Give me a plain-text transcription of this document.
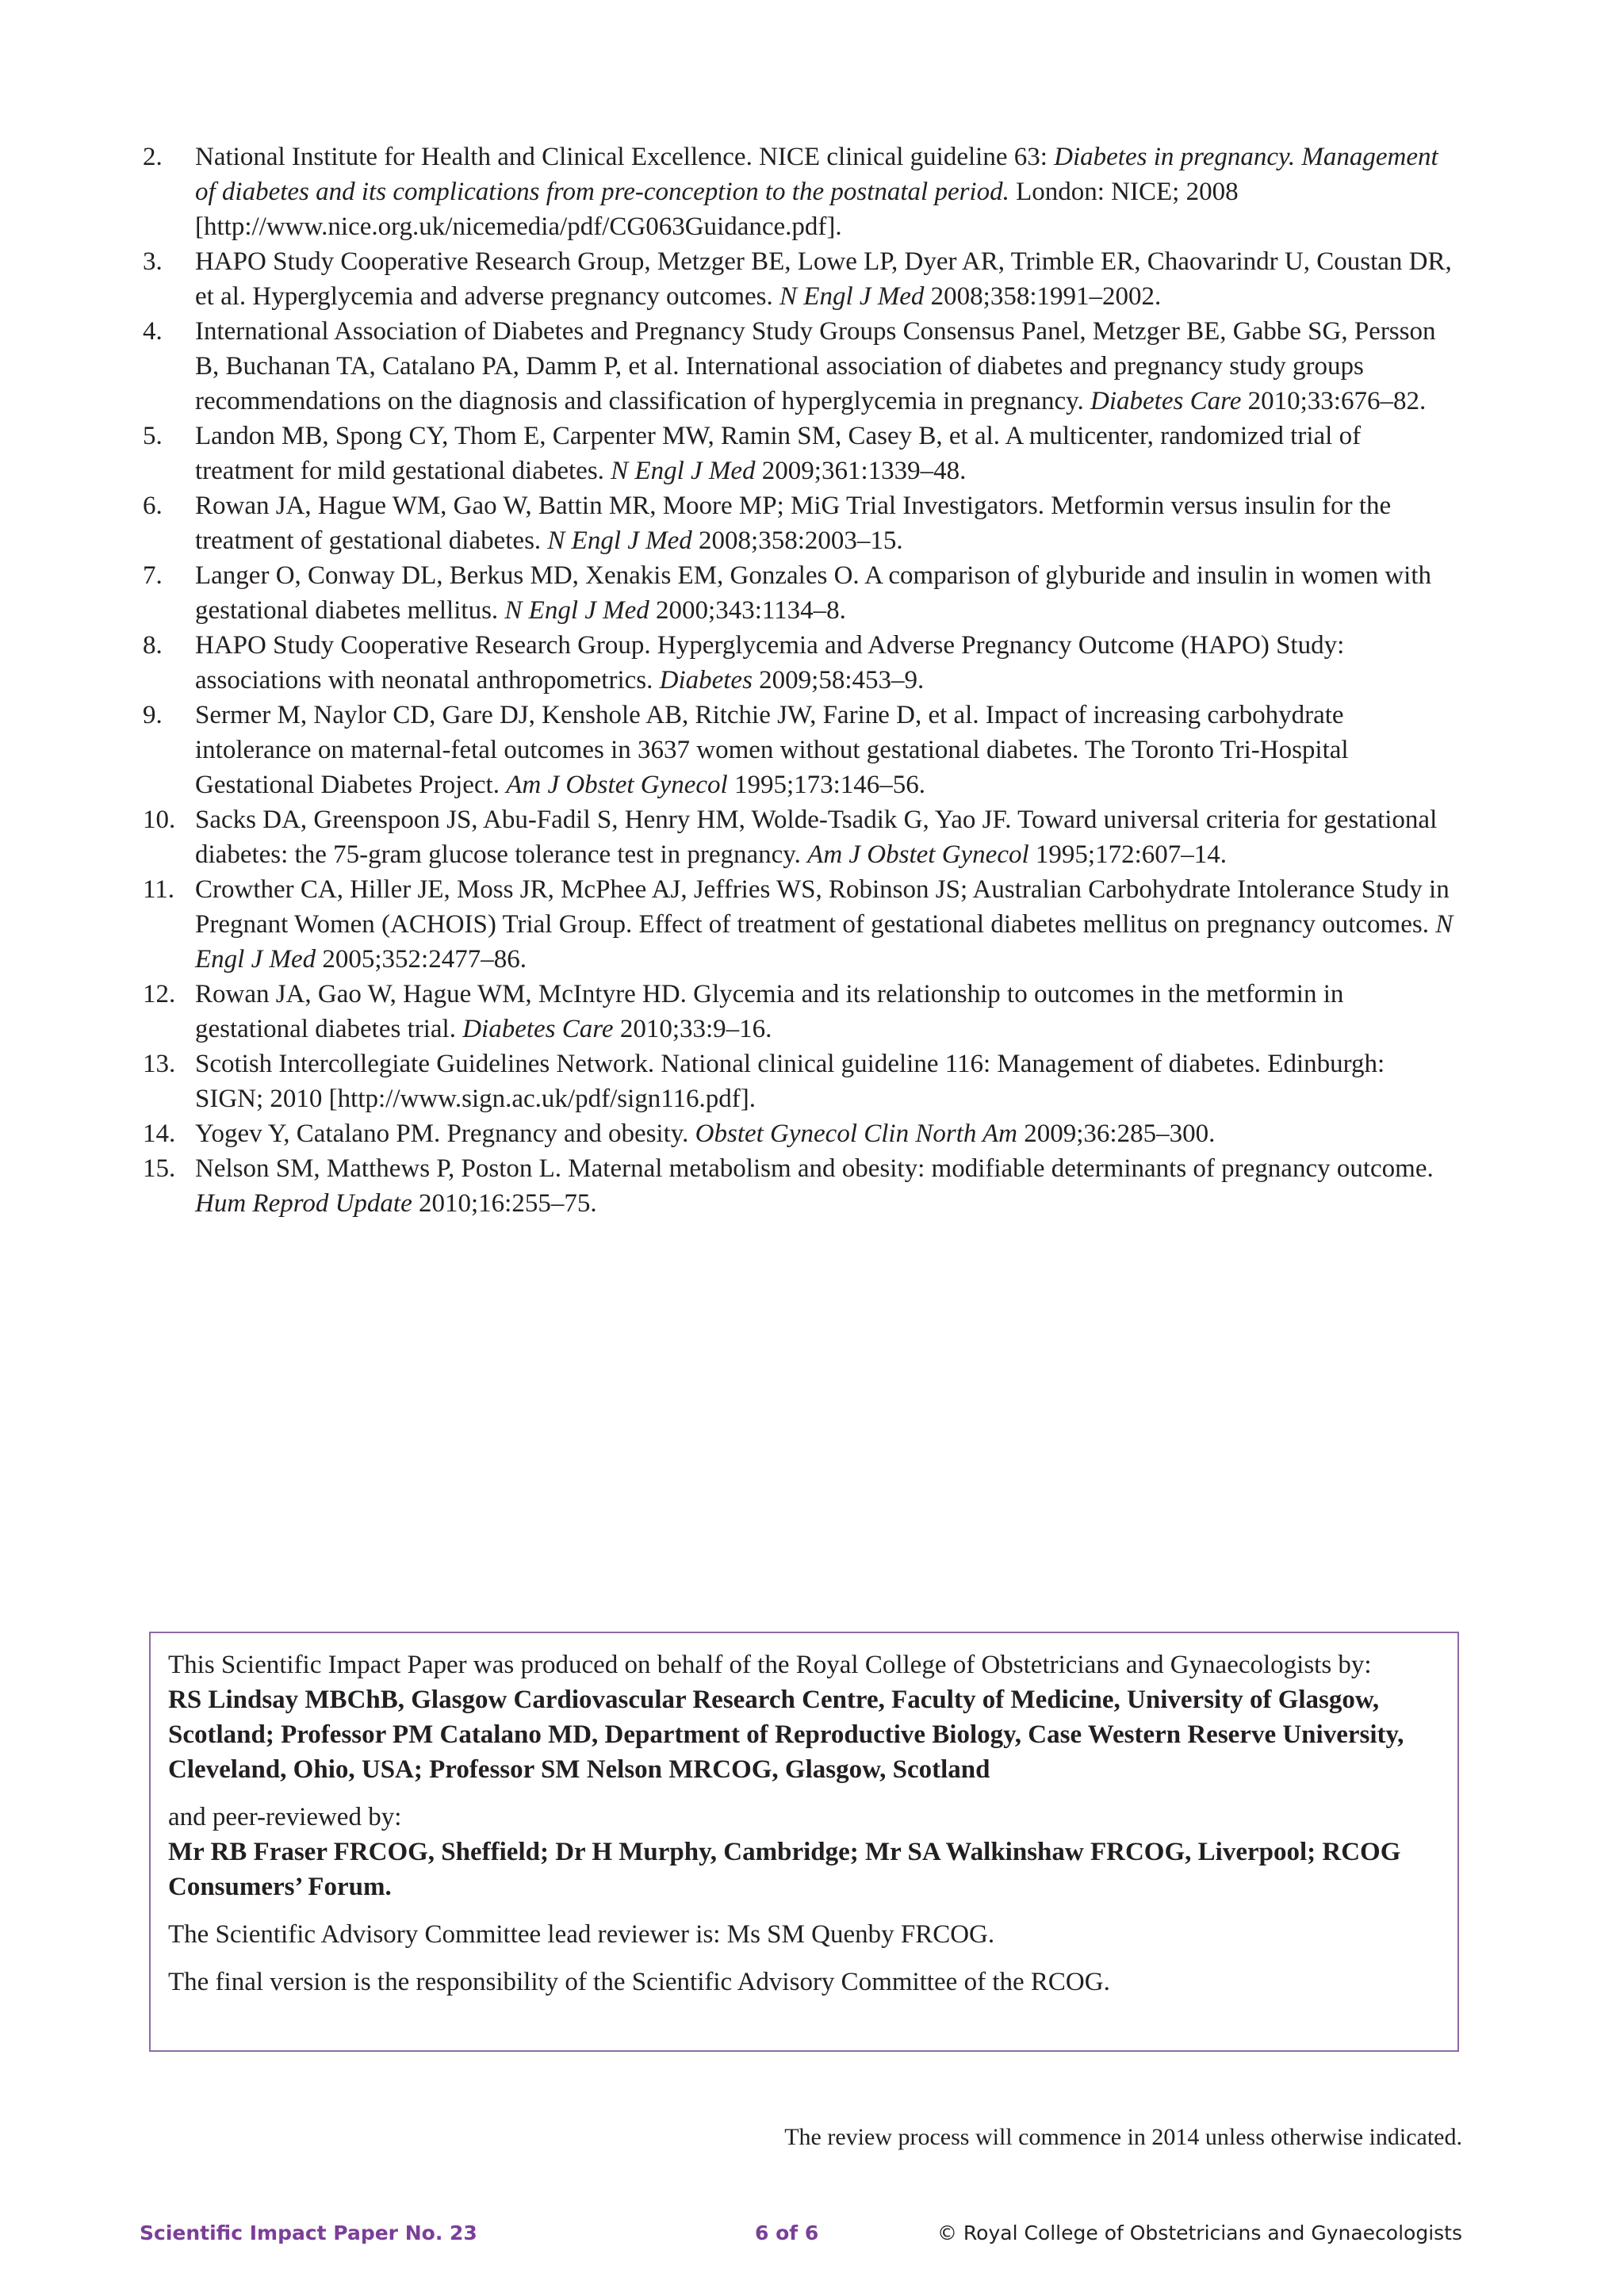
2.	National Institute for Health and Clinical Excellence. NICE clinical guideline 63: Diabetes in pregnancy. Management of diabetes and its complications from pre-conception to the postnatal period. London: NICE; 2008 [http://www.nice.org.uk/nicemedia/pdf/CG063Guidance.pdf].
3.	HAPO Study Cooperative Research Group, Metzger BE, Lowe LP, Dyer AR, Trimble ER, Chaovarindr U, Coustan DR, et al. Hyperglycemia and adverse pregnancy outcomes. N Engl J Med 2008;358:1991–2002.
4.	International Association of Diabetes and Pregnancy Study Groups Consensus Panel, Metzger BE, Gabbe SG, Persson B, Buchanan TA, Catalano PA, Damm P, et al. International association of diabetes and pregnancy study groups recommendations on the diagnosis and classification of hyperglycemia in pregnancy. Diabetes Care 2010;33:676–82.
5.	Landon MB, Spong CY, Thom E, Carpenter MW, Ramin SM, Casey B, et al. A multicenter, randomized trial of treatment for mild gestational diabetes. N Engl J Med 2009;361:1339–48.
6.	Rowan JA, Hague WM, Gao W, Battin MR, Moore MP; MiG Trial Investigators. Metformin versus insulin for the treatment of gestational diabetes. N Engl J Med 2008;358:2003–15.
7.	Langer O, Conway DL, Berkus MD, Xenakis EM, Gonzales O. A comparison of glyburide and insulin in women with gestational diabetes mellitus. N Engl J Med 2000;343:1134–8.
8.	HAPO Study Cooperative Research Group. Hyperglycemia and Adverse Pregnancy Outcome (HAPO) Study: associations with neonatal anthropometrics. Diabetes 2009;58:453–9.
9.	Sermer M, Naylor CD, Gare DJ, Kenshole AB, Ritchie JW, Farine D, et al. Impact of increasing carbohydrate intolerance on maternal-fetal outcomes in 3637 women without gestational diabetes. The Toronto Tri-Hospital Gestational Diabetes Project. Am J Obstet Gynecol 1995;173:146–56.
10. Sacks DA, Greenspoon JS, Abu-Fadil S, Henry HM, Wolde-Tsadik G, Yao JF. Toward universal criteria for gestational diabetes: the 75-gram glucose tolerance test in pregnancy. Am J Obstet Gynecol 1995;172:607–14.
11. Crowther CA, Hiller JE, Moss JR, McPhee AJ, Jeffries WS, Robinson JS; Australian Carbohydrate Intolerance Study in Pregnant Women (ACHOIS) Trial Group. Effect of treatment of gestational diabetes mellitus on pregnancy outcomes. N Engl J Med 2005;352:2477–86.
12. Rowan JA, Gao W, Hague WM, McIntyre HD. Glycemia and its relationship to outcomes in the metformin in gestational diabetes trial. Diabetes Care 2010;33:9–16.
13. Scotish Intercollegiate Guidelines Network. National clinical guideline 116: Management of diabetes. Edinburgh: SIGN; 2010 [http://www.sign.ac.uk/pdf/sign116.pdf].
14. Yogev Y, Catalano PM. Pregnancy and obesity. Obstet Gynecol Clin North Am 2009;36:285–300.
15. Nelson SM, Matthews P, Poston L. Maternal metabolism and obesity: modifiable determinants of pregnancy outcome. Hum Reprod Update 2010;16:255–75.

This Scientific Impact Paper was produced on behalf of the Royal College of Obstetricians and Gynaecologists by:

RS Lindsay MBChB, Glasgow Cardiovascular Research Centre, Faculty of Medicine, University of Glasgow, Scotland; Professor PM Catalano MD, Department of Reproductive Biology, Case Western Reserve University, Cleveland, Ohio, USA; Professor SM Nelson MRCOG, Glasgow, Scotland

and peer-reviewed by:

Mr RB Fraser FRCOG, Sheffield; Dr H Murphy, Cambridge; Mr SA Walkinshaw FRCOG, Liverpool; RCOG Consumers’ Forum.

The Scientific Advisory Committee lead reviewer is: Ms SM Quenby FRCOG.

The final version is the responsibility of the Scientific Advisory Committee of the RCOG.

The review process will commence in 2014 unless otherwise indicated.
Scientific Impact Paper No. 23	6 of 6	© Royal College of Obstetricians and Gynaecologists
